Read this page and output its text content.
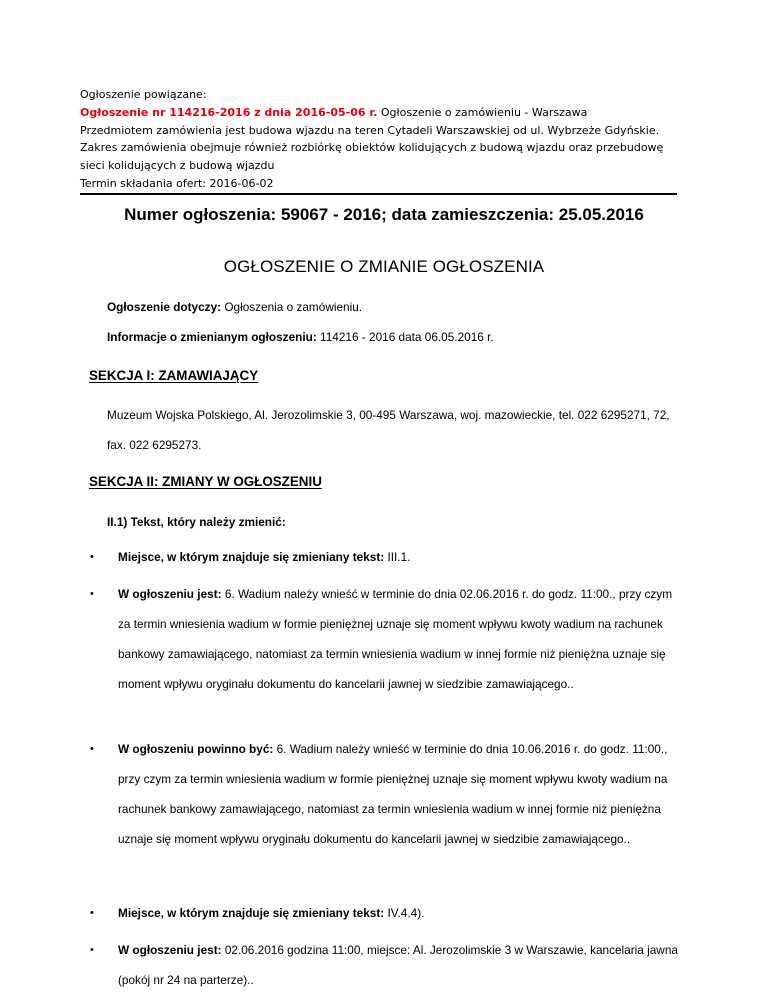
Ogłoszenie powiązane:
Ogłoszenie nr 114216-2016 z dnia 2016-05-06 r. Ogłoszenie o zamówieniu - Warszawa
Przedmiotem zamówienia jest budowa wjazdu na teren Cytadeli Warszawskiej od ul. Wybrzeże Gdyńskie. Zakres zamówienia obejmuje również rozbiórkę obiektów kolidujących z budową wjazdu oraz przebudowę sieci kolidujących z budową wjazdu
Termin składania ofert: 2016-06-02
Numer ogłoszenia: 59067 - 2016; data zamieszczenia: 25.05.2016
OGŁOSZENIE O ZMIANIE OGŁOSZENIA
Ogłoszenie dotyczy: Ogłoszenia o zamówieniu.
Informacje o zmienianym ogłoszeniu: 114216 - 2016 data 06.05.2016 r.
SEKCJA I: ZAMAWIAJĄCY
Muzeum Wojska Polskiego, Al. Jerozolimskie 3, 00-495 Warszawa, woj. mazowieckie, tel. 022 6295271, 72, fax. 022 6295273.
SEKCJA II: ZMIANY W OGŁOSZENIU
II.1) Tekst, który należy zmienić:
• Miejsce, w którym znajduje się zmieniany tekst: III.1.
• W ogłoszeniu jest: 6. Wadium należy wnieść w terminie do dnia 02.06.2016 r. do godz. 11:00., przy czym za termin wniesienia wadium w formie pieniężnej uznaje się moment wpływu kwoty wadium na rachunek bankowy zamawiającego, natomiast za termin wniesienia wadium w innej formie niż pieniężna uznaje się moment wpływu oryginału dokumentu do kancelarii jawnej w siedzibie zamawiającego..
• W ogłoszeniu powinno być: 6. Wadium należy wnieść w terminie do dnia 10.06.2016 r. do godz. 11:00., przy czym za termin wniesienia wadium w formie pieniężnej uznaje się moment wpływu kwoty wadium na rachunek bankowy zamawiającego, natomiast za termin wniesienia wadium w innej formie niż pieniężna uznaje się moment wpływu oryginału dokumentu do kancelarii jawnej w siedzibie zamawiającego..
• Miejsce, w którym znajduje się zmieniany tekst: IV.4.4).
• W ogłoszeniu jest: 02.06.2016 godzina 11:00, miejsce: Al. Jerozolimskie 3 w Warszawie, kancelaria jawna (pokój nr 24 na parterze)..
